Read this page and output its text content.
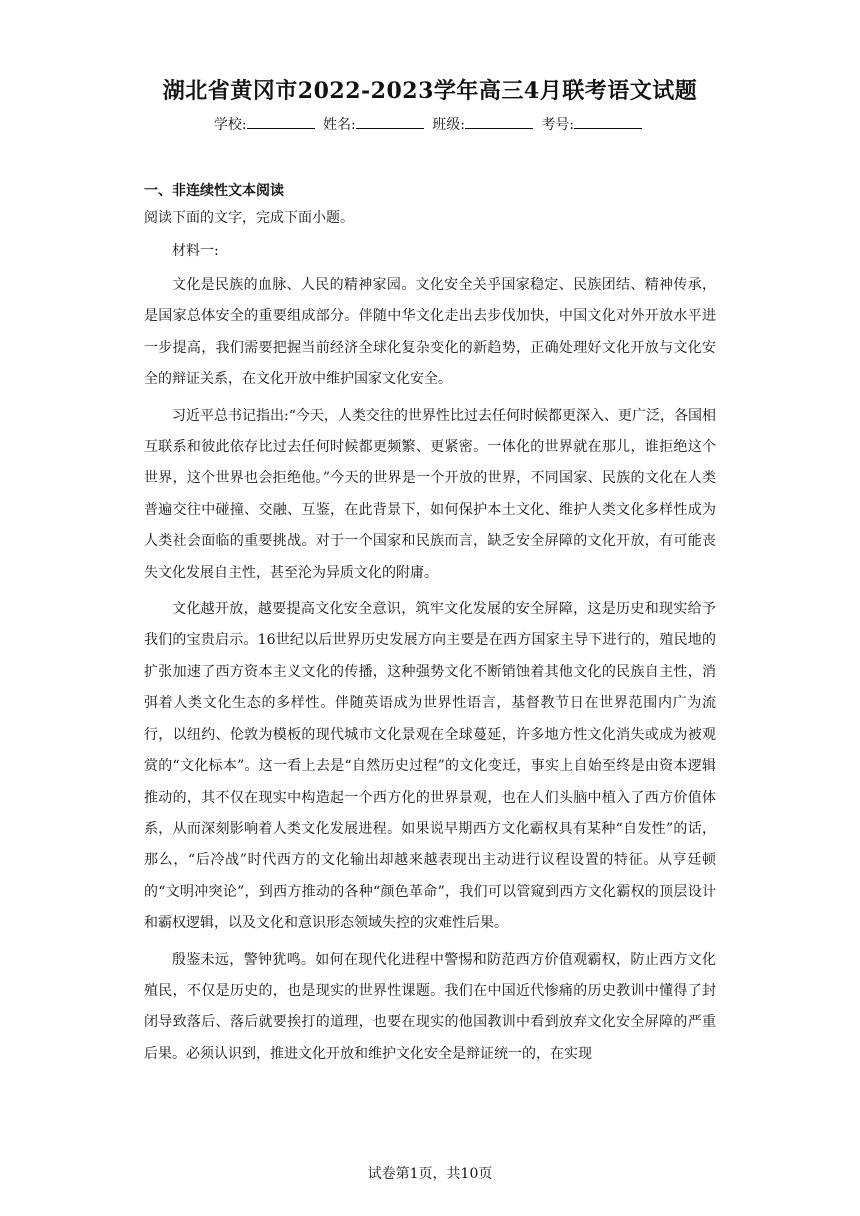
湖北省黄冈市2022-2023学年高三4月联考语文试题
学校:	姓名:	班级:	考号:
一、非连续性文本阅读

阅读下面的文字，完成下面小题。

材料一:

文化是民族的血脉、人民的精神家园。文化安全关乎国家稳定、民族团结、精神传承，是国家总体安全的重要组成部分。伴随中华文化走出去步伐加快，中国文化对外开放水平进一步提高，我们需要把握当前经济全球化复杂变化的新趋势，正确处理好文化开放与文化安全的辩证关系，在文化开放中维护国家文化安全。

习近平总书记指出:“今天，人类交往的世界性比过去任何时候都更深入、更广泛，各国相互联系和彼此依存比过去任何时候都更频繁、更紧密。一体化的世界就在那儿，谁拒绝这个世界，这个世界也会拒绝他。”今天的世界是一个开放的世界，不同国家、民族的文化在人类普遍交往中碰撞、交融、互鉴，在此背景下，如何保护本土文化、维护人类文化多样性成为人类社会面临的重要挑战。对于一个国家和民族而言，缺乏安全屏障的文化开放，有可能丧失文化发展自主性，甚至沦为异质文化的附庸。

文化越开放，越要提高文化安全意识，筑牢文化发展的安全屏障，这是历史和现实给予我们的宝贵启示。16世纪以后世界历史发展方向主要是在西方国家主导下进行的，殖民地的扩张加速了西方资本主义文化的传播，这种强势文化不断销蚀着其他文化的民族自主性，消弭着人类文化生态的多样性。伴随英语成为世界性语言，基督教节日在世界范围内广为流行，以纽约、伦敦为模板的现代城市文化景观在全球蔓延，许多地方性文化消失或成为被观赏的“文化标本”。这一看上去是“自然历史过程”的文化变迁，事实上自始至终是由资本逻辑推动的，其不仅在现实中构造起一个西方化的世界景观，也在人们头脑中植入了西方价值体系，从而深刻影响着人类文化发展进程。如果说早期西方文化霸权具有某种“自发性”的话，那么，“后冷战”时代西方的文化输出却越来越表现出主动进行议程设置的特征。从亨廷顿的“文明冲突论”，到西方推动的各种“颜色革命”，我们可以管窥到西方文化霸权的顶层设计和霸权逻辑，以及文化和意识形态领域失控的灾难性后果。

殷鉴未远，警钟犹鸣。如何在现代化进程中警惕和防范西方价值观霸权，防止西方文化殖民，不仅是历史的，也是现实的世界性课题。我们在中国近代惨痛的历史教训中懂得了封闭导致落后、落后就要挨打的道理，也要在现实的他国教训中看到放弃文化安全屏障的严重后果。必须认识到，推进文化开放和维护文化安全是辩证统一的，在实现

试卷第1页，共10页
